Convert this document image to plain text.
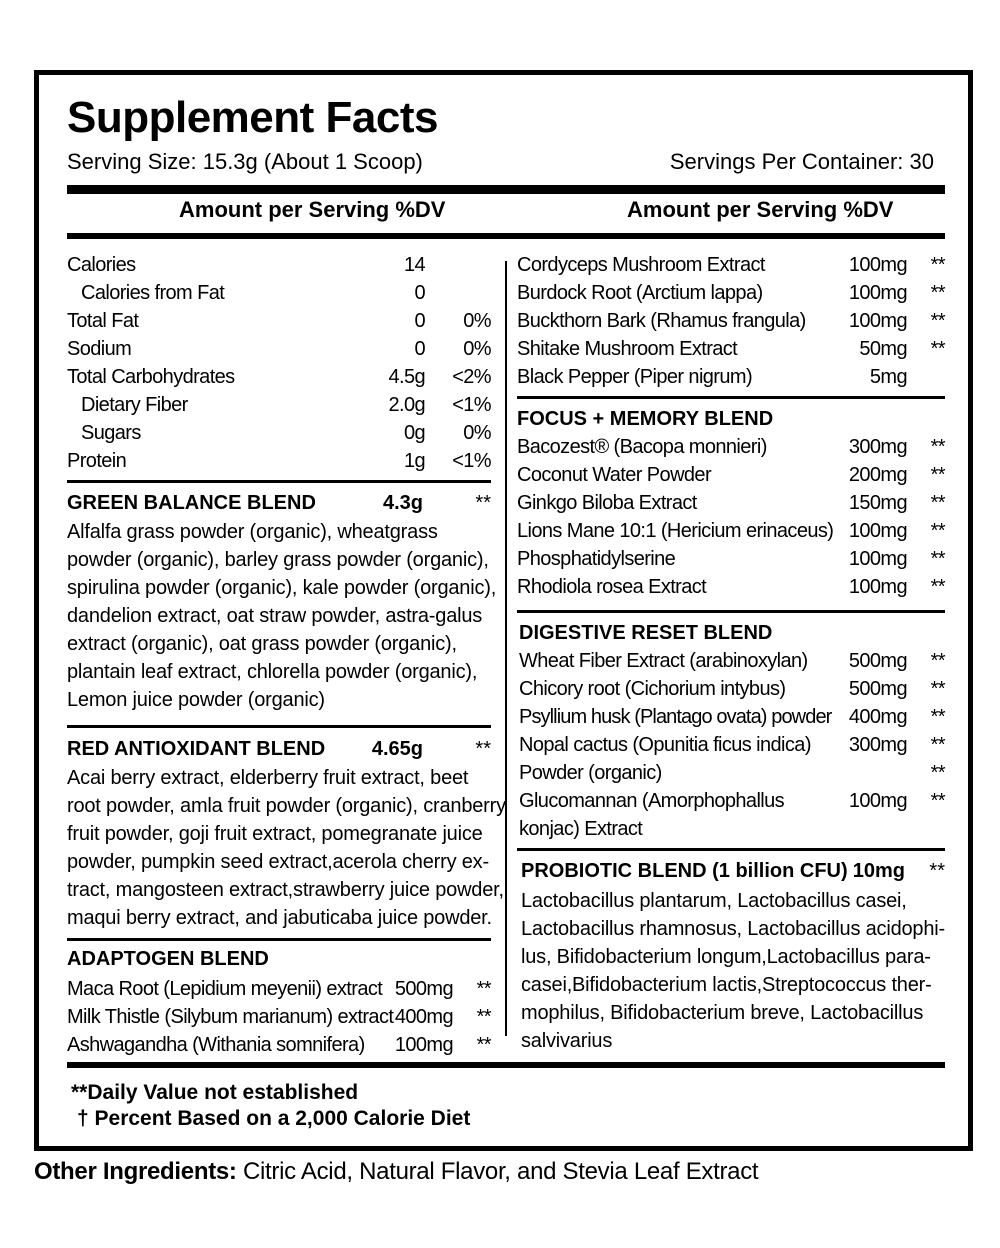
Supplement Facts
Serving Size: 15.3g (About 1 Scoop)	Servings Per Container: 30
Amount per Serving %DV	Amount per Serving %DV
Calories	14
Calories from Fat	0
Total Fat	0 0%
Sodium	0 0%
Total Carbohydrates	4.5g <2%
Dietary Fiber	2.0g <1%
Sugars	0g 0%
Protein	1g <1%
GREEN BALANCE BLEND	4.3g	**
Alfalfa grass powder (organic), wheatgrass
powder (organic), barley grass powder (organic),
spirulina powder (organic), kale powder (organic),
dandelion extract, oat straw powder, astra-galus
extract (organic), oat grass powder (organic),
plantain leaf extract, chlorella powder (organic),
Lemon juice powder (organic)
RED ANTIOXIDANT BLEND 4.65g	**
Acai berry extract, elderberry fruit extract, beet
root powder, amla fruit powder (organic), cranberry
fruit powder, goji fruit extract, pomegranate juice
powder, pumpkin seed extract,acerola cherry ex-
tract, mangosteen extract,strawberry juice powder,
maqui berry extract, and jabuticaba juice powder.
ADAPTOGEN BLEND
Maca Root (Lepidium meyenii) extract 500mg **
Milk Thistle (Silybum marianum) extract 400mg **
Ashwagandha (Withania somnifera) 100mg **
Cordyceps Mushroom Extract	100mg **
Burdock Root (Arctium lappa)	100mg **
Buckthorn Bark (Rhamus frangula) 100mg **
Shitake Mushroom Extract	50mg **
Black Pepper (Piper nigrum)	5mg
FOCUS + MEMORY BLEND
Bacozest® (Bacopa monnieri)	300mg **
Coconut Water Powder	200mg **
Ginkgo Biloba Extract	150mg **
Lions Mane 10:1 (Hericium erinaceus) 100mg **
Phosphatidylserine	100mg **
Rhodiola rosea Extract	100mg **
DIGESTIVE RESET BLEND
Wheat Fiber Extract (arabinoxylan) 500mg **
Chicory root (Cichorium intybus)	500mg **
Psyllium husk (Plantago ovata) powder 400mg **
Nopal cactus (Opunitia ficus indica) 300mg **
Powder (organic)	**
Glucomannan (Amorphophallus	100mg **
konjac) Extract
PROBIOTIC BLEND (1 billion CFU) 10mg **
Lactobacillus plantarum, Lactobacillus casei,
Lactobacillus rhamnosus, Lactobacillus acidophi-
lus, Bifidobacterium longum,Lactobacillus para-
casei,Bifidobacterium lactis,Streptococcus ther-
mophilus, Bifidobacterium breve, Lactobacillus
salvivarius
**Daily Value not established
† Percent Based on a 2,000 Calorie Diet
Other Ingredients: Citric Acid, Natural Flavor, and Stevia Leaf Extract
